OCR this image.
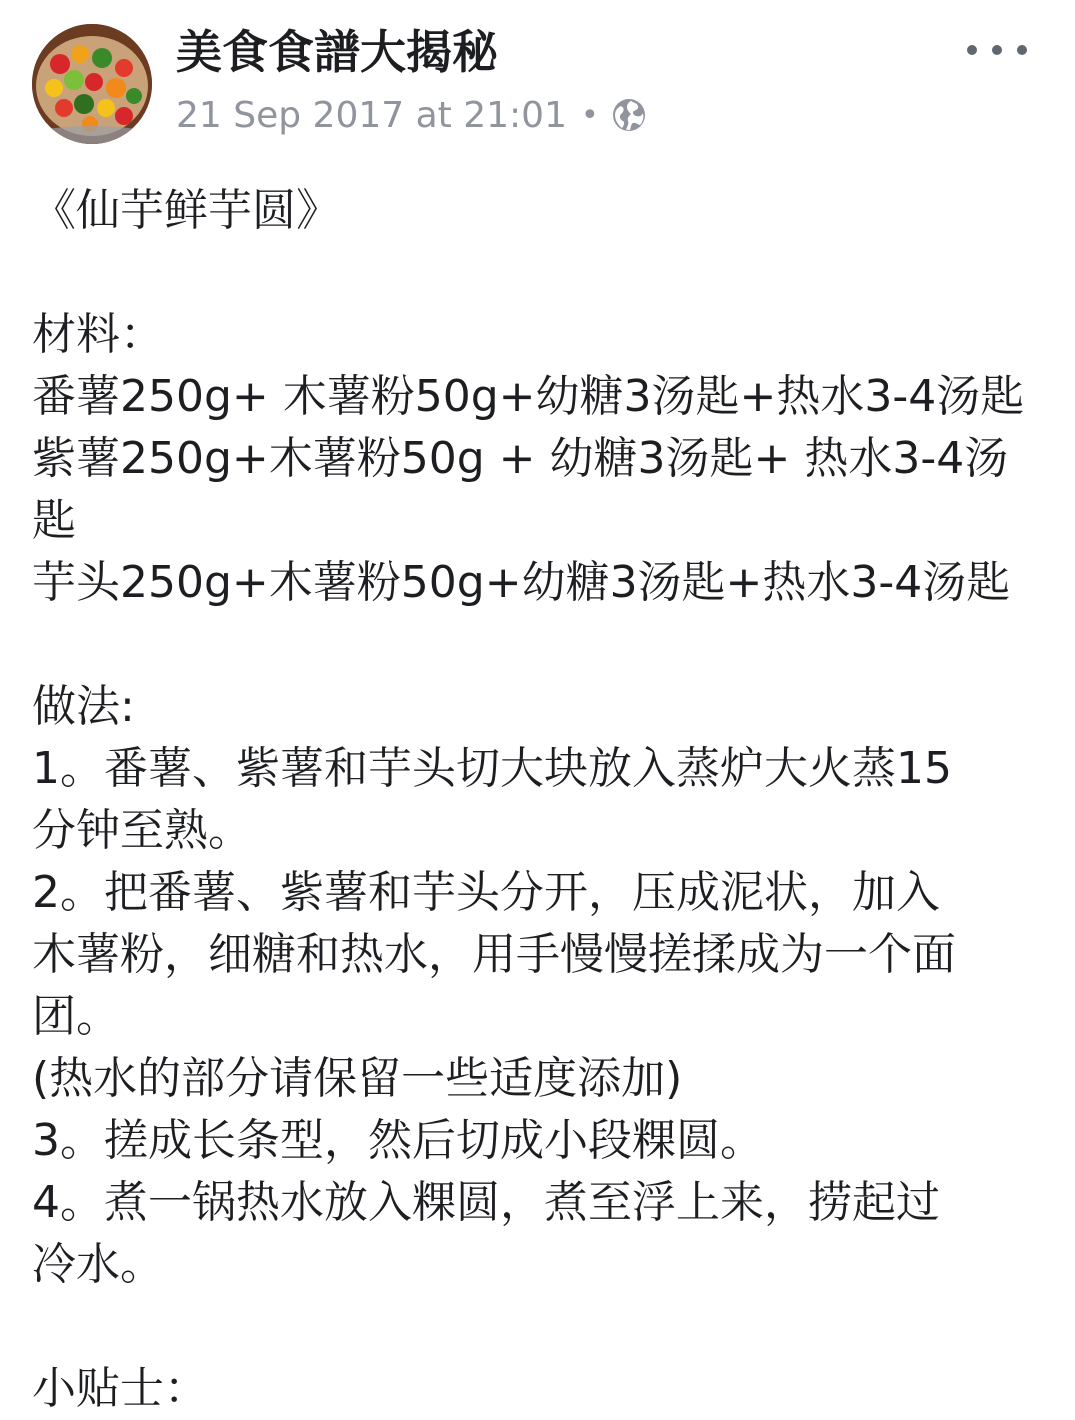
美食食譜大揭秘
21 Sep 2017 at 21:01 •
《仙芋鲜芋圆》
材料：
番薯250g+ 木薯粉50g+幼糖3汤匙+热水3-4汤匙
紫薯250g+木薯粉50g + 幼糖3汤匙+ 热水3-4汤
匙
芋头250g+木薯粉50g+幼糖3汤匙+热水3-4汤匙
做法:
1。番薯、紫薯和芋头切大块放入蒸炉大火蒸15
分钟至熟。
2。把番薯、紫薯和芋头分开，压成泥状，加入
木薯粉，细糖和热水，用手慢慢搓揉成为一个面
团。
(热水的部分请保留一些适度添加)
3。搓成长条型，然后切成小段粿圆。
4。煮一锅热水放入粿圆，煮至浮上来，捞起过
冷水。
小贴士：
